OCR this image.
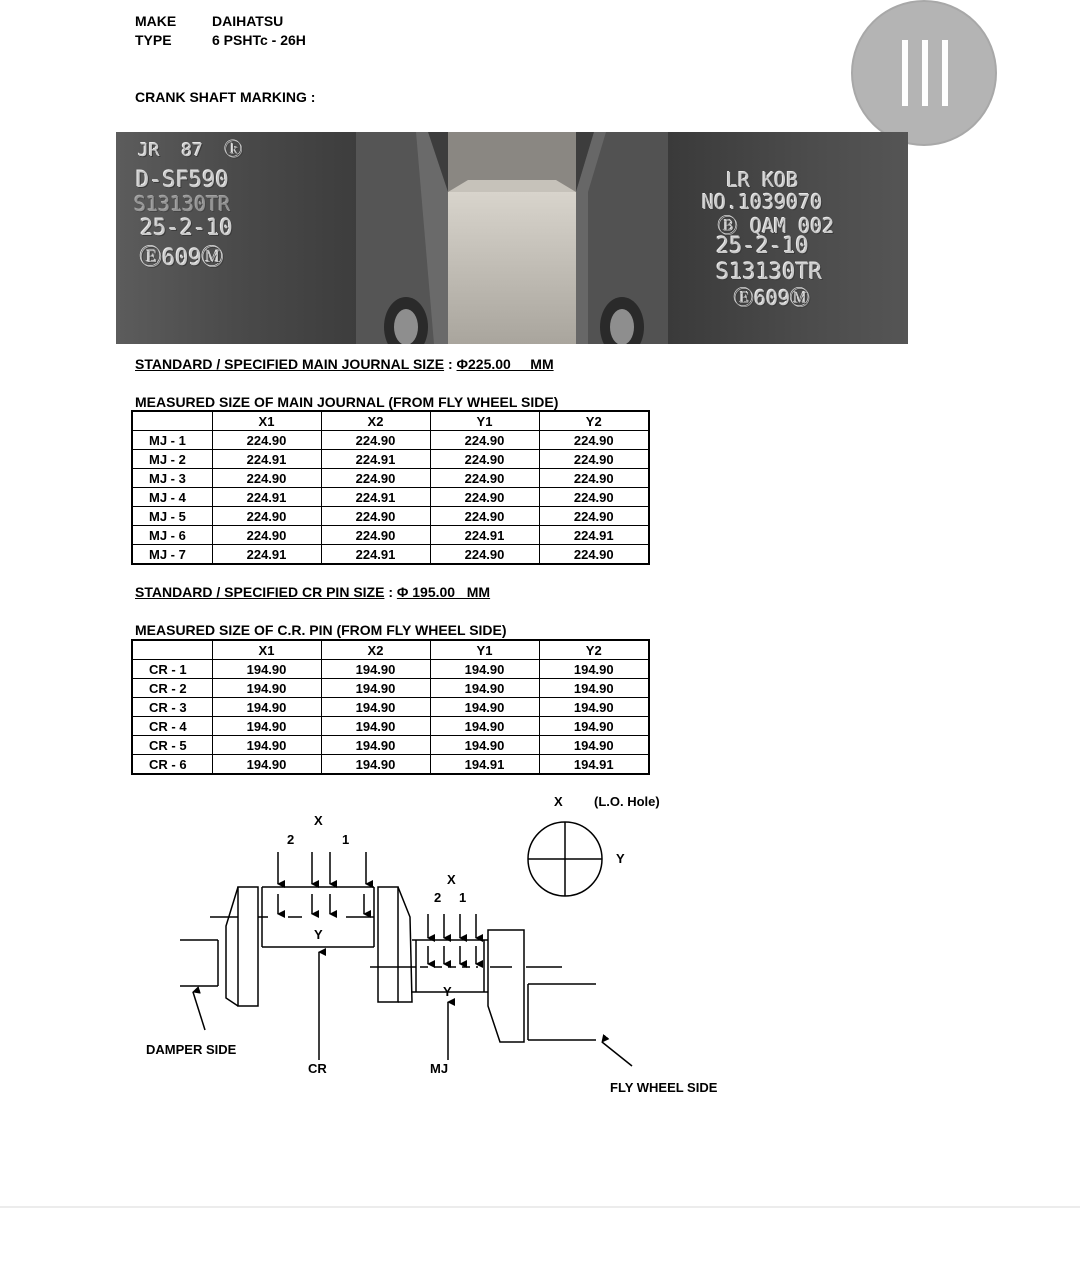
MAKE	DAIHATSU
TYPE	6 PSHTc - 26H
CRANK SHAFT MARKING :
JR  87  ⓚ
D-SF590
S13130TR
25-2-10
Ⓔ609Ⓜ
LR KOB
NO.1039070
Ⓑ QAM 002
25-2-10
S13130TR
Ⓔ609Ⓜ
STANDARD / SPECIFIED MAIN JOURNAL SIZE : Φ225.00     MM
MEASURED SIZE OF MAIN JOURNAL (FROM FLY WHEEL SIDE)
	X1	X2	Y1	Y2
MJ - 1	224.90	224.90	224.90	224.90
MJ - 2	224.91	224.91	224.90	224.90
MJ - 3	224.90	224.90	224.90	224.90
MJ - 4	224.91	224.91	224.90	224.90
MJ - 5	224.90	224.90	224.90	224.90
MJ - 6	224.90	224.90	224.91	224.91
MJ - 7	224.91	224.91	224.90	224.90
STANDARD / SPECIFIED CR PIN SIZE : Φ 195.00   MM
MEASURED SIZE OF C.R. PIN (FROM FLY WHEEL SIDE)
	X1	X2	Y1	Y2
CR - 1	194.90	194.90	194.90	194.90
CR - 2	194.90	194.90	194.90	194.90
CR - 3	194.90	194.90	194.90	194.90
CR - 4	194.90	194.90	194.90	194.90
CR - 5	194.90	194.90	194.90	194.90
CR - 6	194.90	194.90	194.91	194.91
X (L.O. Hole)
Y
X
2	1
Y
X
2 1
Y
DAMPER SIDE
CR	MJ
FLY WHEEL SIDE
